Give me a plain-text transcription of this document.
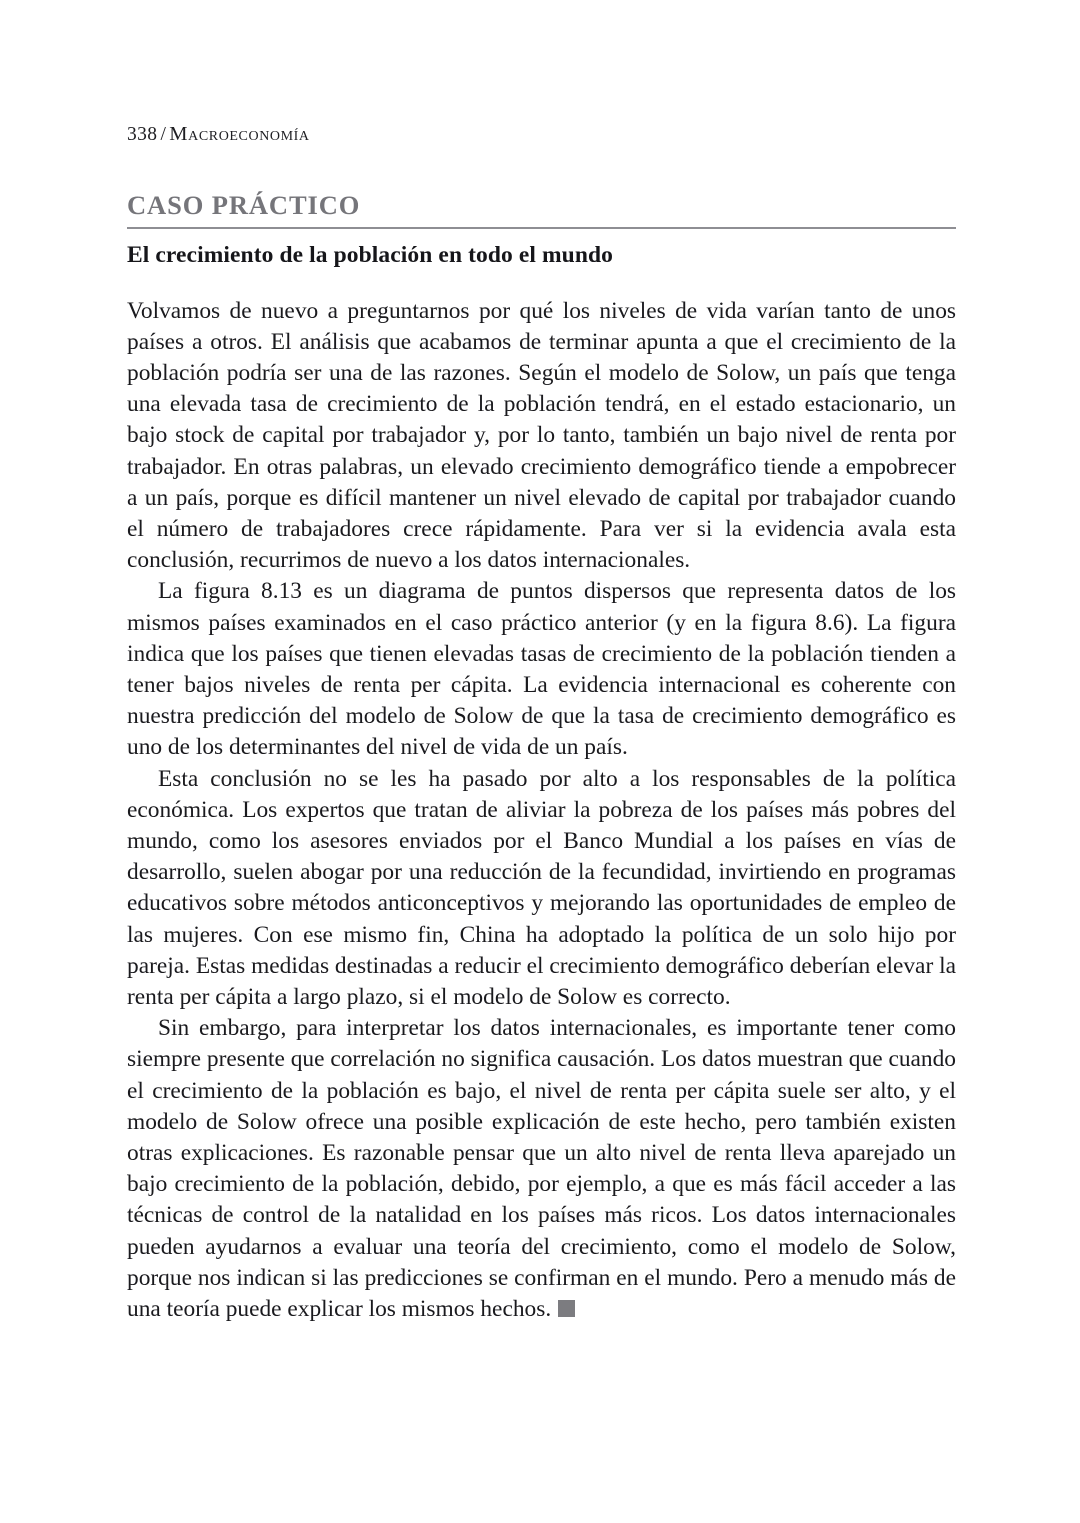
338 / Macroeconomía
CASO PRÁCTICO
El crecimiento de la población en todo el mundo

Volvamos de nuevo a preguntarnos por qué los niveles de vida varían tanto de unos países a otros. El análisis que acabamos de terminar apunta a que el crecimiento de la población podría ser una de las razones. Según el modelo de Solow, un país que tenga una elevada tasa de crecimiento de la población tendrá, en el estado estacionario, un bajo stock de capital por trabajador y, por lo tanto, también un bajo nivel de renta por trabajador. En otras palabras, un elevado crecimiento demográfico tiende a empobrecer a un país, porque es difícil mantener un nivel elevado de capital por trabajador cuando el número de trabajadores crece rápidamente. Para ver si la evidencia avala esta conclusión, recurrimos de nuevo a los datos internacionales.

La figura 8.13 es un diagrama de puntos dispersos que representa datos de los mismos países examinados en el caso práctico anterior (y en la figura 8.6). La figura indica que los países que tienen elevadas tasas de crecimiento de la población tienden a tener bajos niveles de renta per cápita. La evidencia internacional es coherente con nuestra predicción del modelo de Solow de que la tasa de crecimiento demográfico es uno de los determinantes del nivel de vida de un país.

Esta conclusión no se les ha pasado por alto a los responsables de la política económica. Los expertos que tratan de aliviar la pobreza de los países más pobres del mundo, como los asesores enviados por el Banco Mundial a los países en vías de desarrollo, suelen abogar por una reducción de la fecundidad, invirtiendo en programas educativos sobre métodos anticonceptivos y mejorando las oportunidades de empleo de las mujeres. Con ese mismo fin, China ha adoptado la política de un solo hijo por pareja. Estas medidas destinadas a reducir el crecimiento demográfico deberían elevar la renta per cápita a largo plazo, si el modelo de Solow es correcto.

Sin embargo, para interpretar los datos internacionales, es importante tener como siempre presente que correlación no significa causación. Los datos muestran que cuando el crecimiento de la población es bajo, el nivel de renta per cápita suele ser alto, y el modelo de Solow ofrece una posible explicación de este hecho, pero también existen otras explicaciones. Es razonable pensar que un alto nivel de renta lleva aparejado un bajo crecimiento de la población, debido, por ejemplo, a que es más fácil acceder a las técnicas de control de la natalidad en los países más ricos. Los datos internacionales pueden ayudarnos a evaluar una teoría del crecimiento, como el modelo de Solow, porque nos indican si las predicciones se confirman en el mundo. Pero a menudo más de una teoría puede explicar los mismos hechos.
